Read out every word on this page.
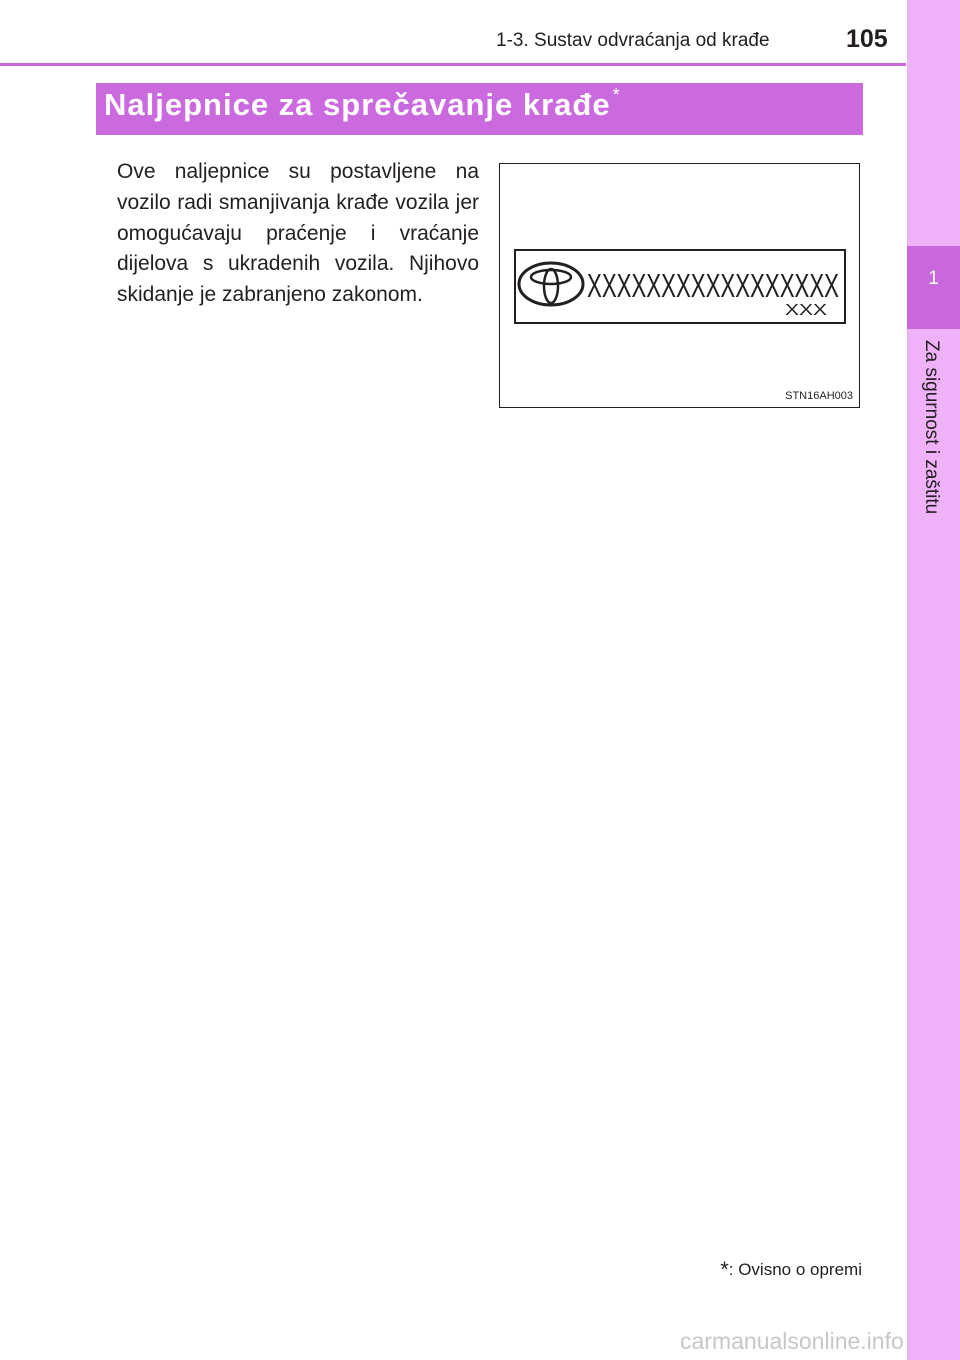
1-3. Sustav odvraćanja od krađe	105
1
Za sigurnost i zaštitu
Naljepnice za sprečavanje krađe *
Ove naljepnice su postavljene na vozilo radi smanjivanja krađe vozila jer omogućavaju praćenje i vraćanje dijelova s ukradenih vozila. Njihovo skidanje je zabranjeno zakonom.	XXXXXXXXXXXXXXXXX
XXX
STN16AH003
*: Ovisno o opremi
carmanualsonline.info
